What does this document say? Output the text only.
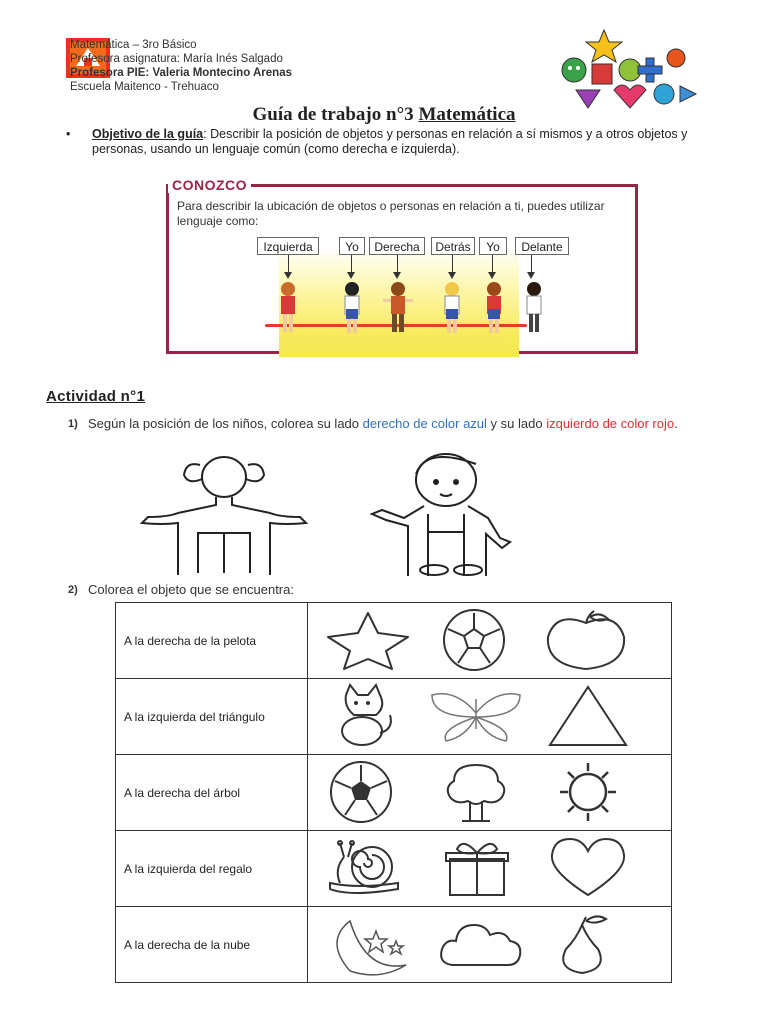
Matemática – 3ro Básico
Profesora asignatura: María Inés Salgado
Profesora PIE: Valeria Montecino Arenas
Escuela Maitenco - Trehuaco
Guía de trabajo n°3 Matemática
• Objetivo de la guía: Describir la posición de objetos y personas en relación a sí mismos y a otros objetos y personas, usando un lenguaje común (como derecha e izquierda).
CONOZCO
Para describir la ubicación de objetos o personas en relación a ti, puedes utilizar lenguaje como:
Izquierda	Yo	Derecha	Detrás	Yo	Delante
Actividad n°1
1) Según la posición de los niños, colorea su lado derecho de color azul y su lado izquierdo de color rojo.
2) Colorea el objeto que se encuentra:
A la derecha de la pelota	

A la izquierda del triángulo	

A la derecha del árbol	

A la izquierda del regalo	

A la derecha de la nube	
